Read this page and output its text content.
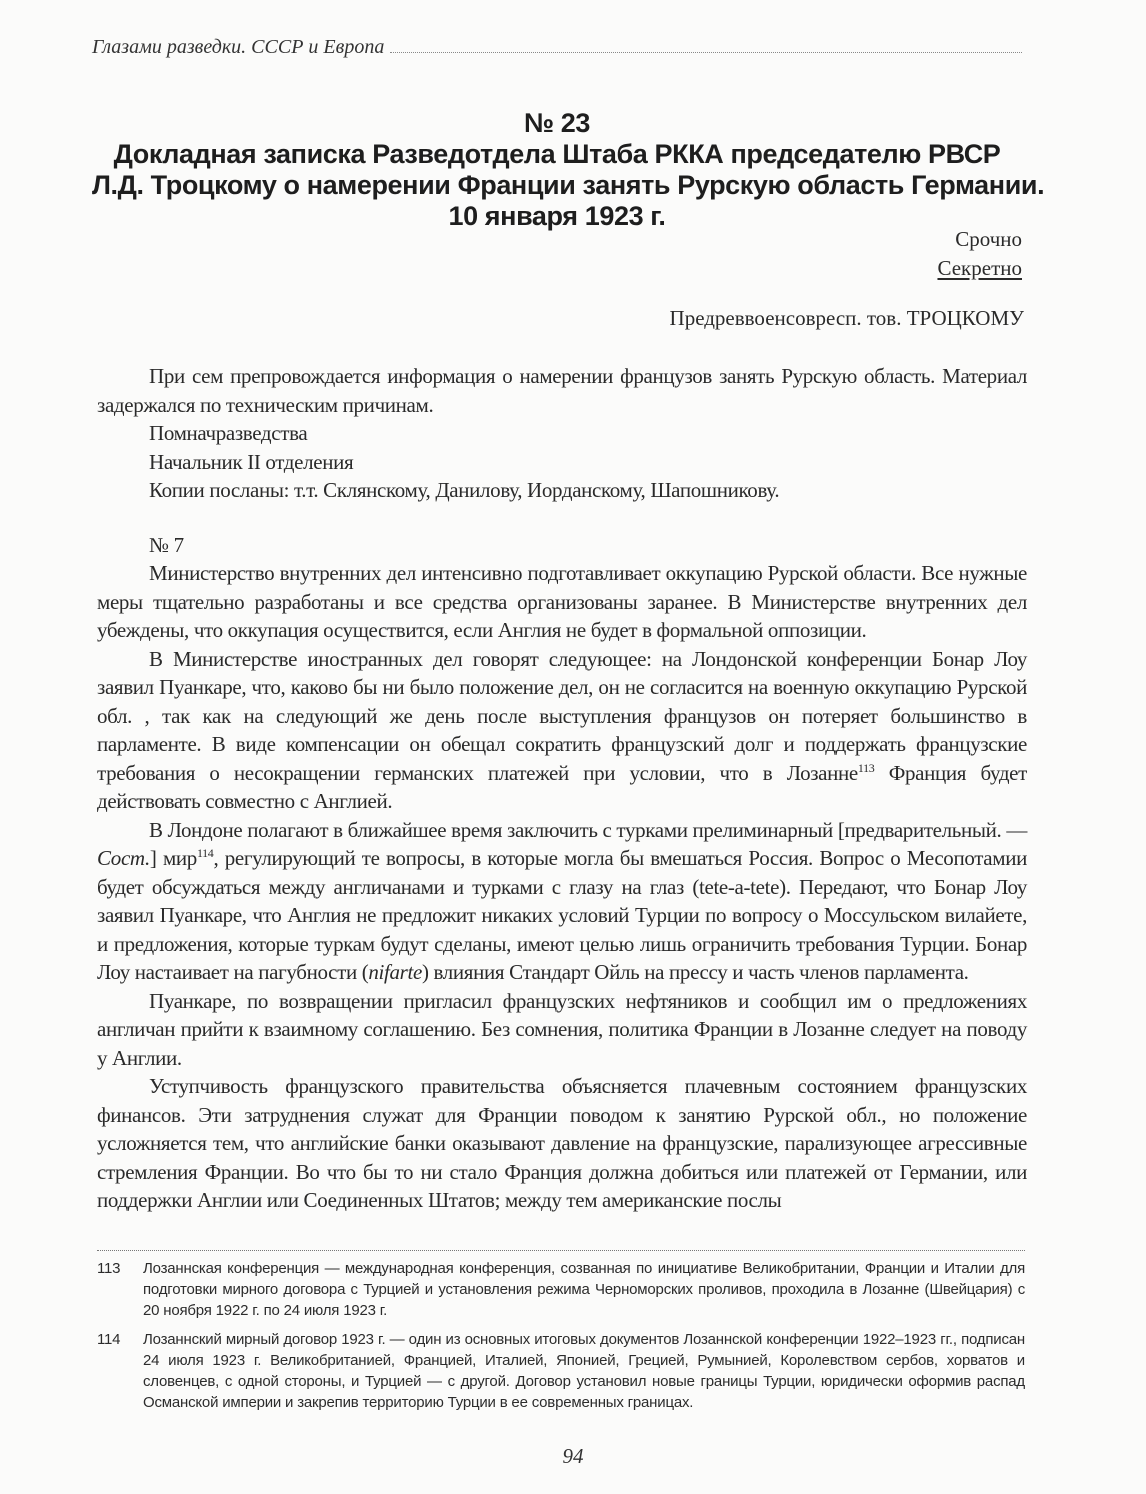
Глазами разведки. СССР и Европа
№ 23
Докладная записка Разведотдела Штаба РККА председателю РВСР
Л.Д. Троцкому о намерении Франции занять Рурскую область Германии.
10 января 1923 г.
Срочно
Секретно
Предреввоенсовресп. тов. ТРОЦКОМУ

При сем препровождается информация о намерении французов занять Рурскую область. Материал задержался по техническим причинам.

Помначразведства

Начальник II отделения

Копии посланы: т.т. Склянскому, Данилову, Иорданскому, Шапошникову.

№ 7

Министерство внутренних дел интенсивно подготавливает оккупацию Рурской области. Все нужные меры тщательно разработаны и все средства организованы заранее. В Министерстве внутренних дел убеждены, что оккупация осуществится, если Англия не будет в формальной оппозиции.

В Министерстве иностранных дел говорят следующее: на Лондонской конференции Бонар Лоу заявил Пуанкаре, что, каково бы ни было положение дел, он не согласится на военную оккупацию Рурской обл. , так как на следующий же день после выступления французов он потеряет большинство в парламенте. В виде компенсации он обещал сократить французский долг и поддержать французские требования о несокращении германских платежей при условии, что в Лозанне$^{113}$ Франция будет действовать совместно с Англией.

В Лондоне полагают в ближайшее время заключить с турками прелиминарный [предварительный. — Сост.] мир$^{114}$, регулирующий те вопросы, в которые могла бы вмешаться Россия. Вопрос о Месопотамии будет обсуждаться между англичанами и турками с глазу на глаз (tete-a-tete). Передают, что Бонар Лоу заявил Пуанкаре, что Англия не предложит никаких условий Турции по вопросу о Моссульском вилайете, и предложения, которые туркам будут сделаны, имеют целью лишь ограничить требования Турции. Бонар Лоу настаивает на пагубности (nifarte) влияния Стандарт Ойль на прессу и часть членов парламента.

Пуанкаре, по возвращении пригласил французских нефтяников и сообщил им о предложениях англичан прийти к взаимному соглашению. Без сомнения, политика Франции в Лозанне следует на поводу у Англии.

Уступчивость французского правительства объясняется плачевным состоянием французских финансов. Эти затруднения служат для Франции поводом к занятию Рурской обл., но положение усложняется тем, что английские банки оказывают давление на французские, парализующее агрессивные стремления Франции. Во что бы то ни стало Франция должна добиться или платежей от Германии, или поддержки Англии или Соединенных Штатов; между тем американские послы

113	Лозаннская конференция — международная конференция, созванная по инициативе Великобритании, Франции и Италии для подготовки мирного договора с Турцией и установления режима Черноморских проливов, проходила в Лозанне (Швейцария) с 20 ноября 1922 г. по 24 июля 1923 г.
114	Лозаннский мирный договор 1923 г. — один из основных итоговых документов Лозаннской конференции 1922–1923 гг., подписан 24 июля 1923 г. Великобританией, Францией, Италией, Японией, Грецией, Румынией, Королевством сербов, хорватов и словенцев, с одной стороны, и Турцией — с другой. Договор установил новые границы Турции, юридически оформив распад Османской империи и закрепив территорию Турции в ее современных границах.
94
